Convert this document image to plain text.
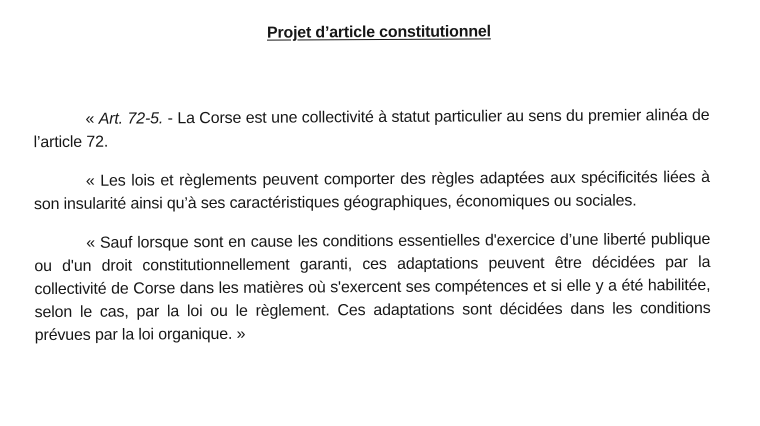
Projet d’article constitutionnel

« Art. 72-5. - La Corse est une collectivité à statut particulier au sens du premier alinéa de l’article 72.

« Les lois et règlements peuvent comporter des règles adaptées aux spécificités liées à son insularité ainsi qu’à ses caractéristiques géographiques, économiques ou sociales.

« Sauf lorsque sont en cause les conditions essentielles d'exercice d’une liberté publique ou d'un droit constitutionnellement garanti, ces adaptations peuvent être décidées par la collectivité de Corse dans les matières où s'exercent ses compétences et si elle y a été habilitée, selon le cas, par la loi ou le règlement. Ces adaptations sont décidées dans les conditions prévues par la loi organique. »
